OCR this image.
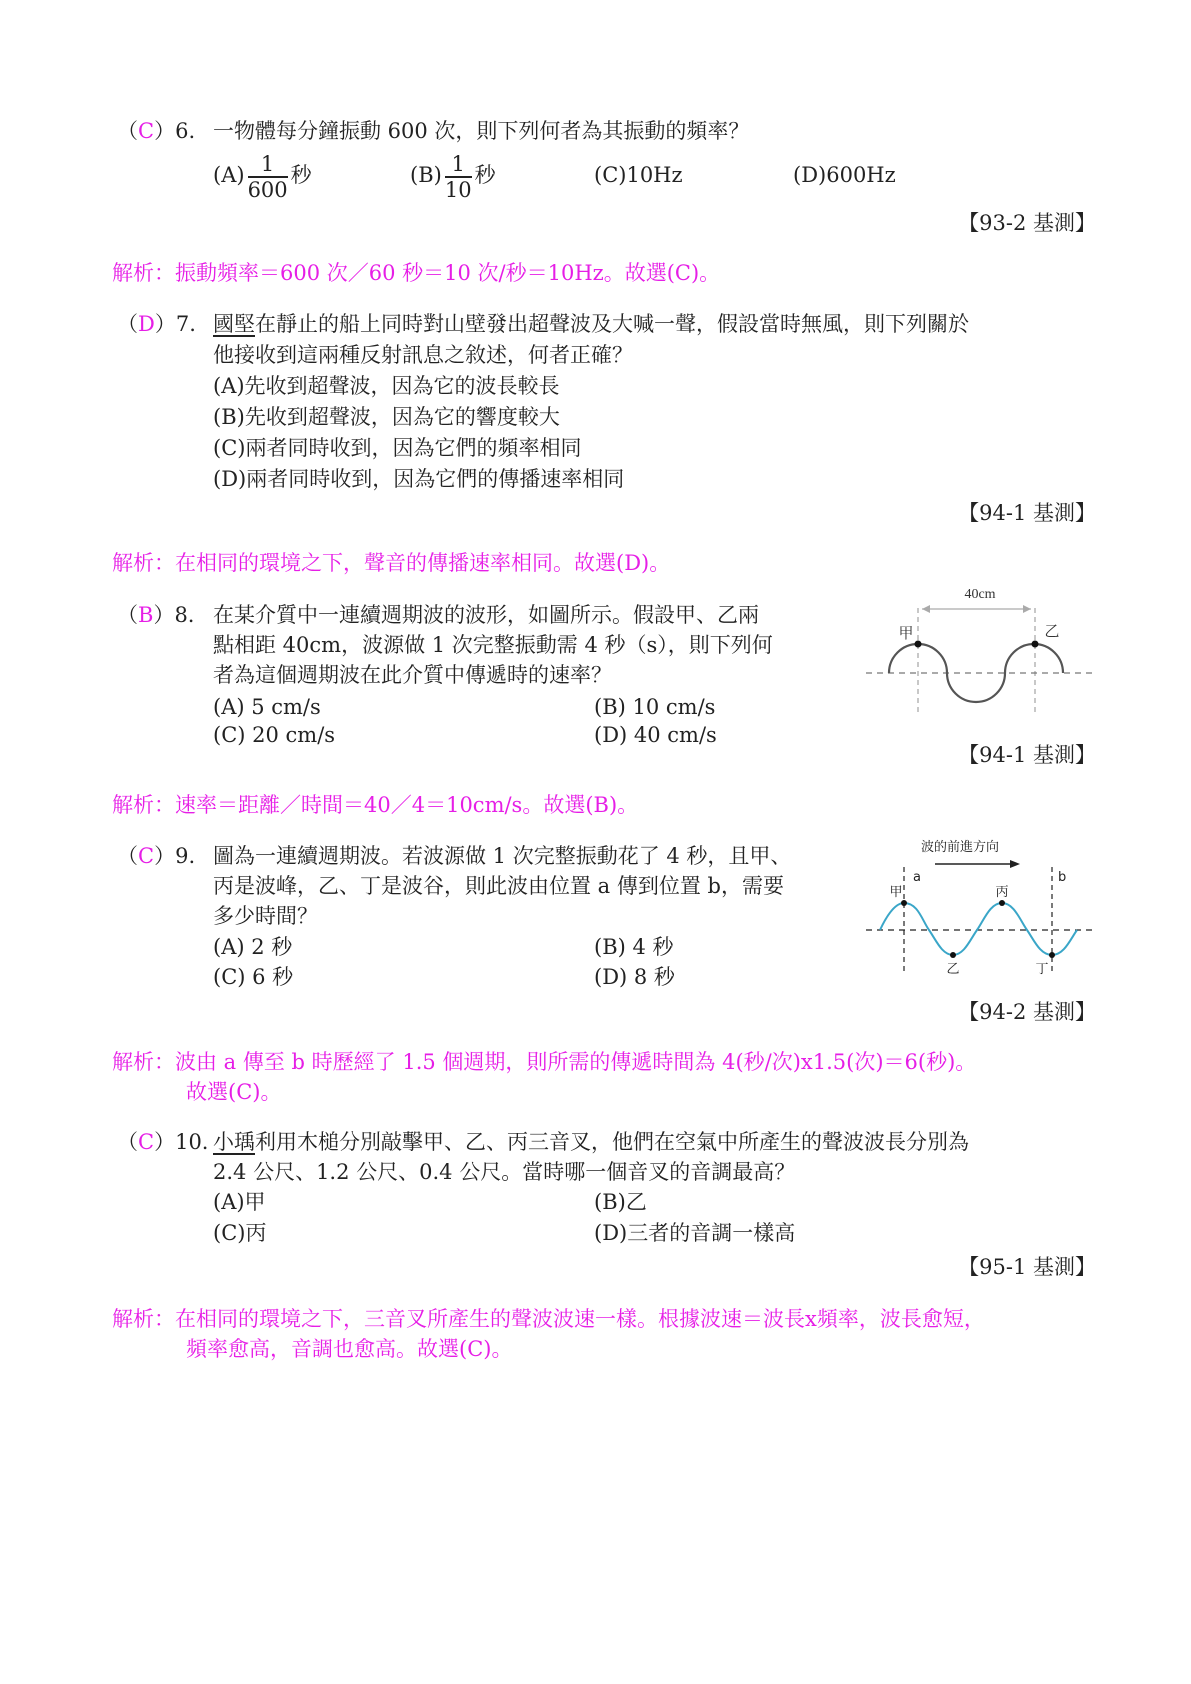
（C）6. 一物體每分鐘振動 600 次，則下列何者為其振動的頻率？
$(A) \frac{1}{600}$ 秒	$(B) \frac{1}{10}$ 秒	(C)10Hz	(D)600Hz
【93-2 基測】
解析：振動頻率＝600 次／60 秒＝10 次/秒＝10Hz。故選(C)。
（D）7. 國堅在靜止的船上同時對山壁發出超聲波及大喊一聲，假設當時無風，則下列關於
他接收到這兩種反射訊息之敘述，何者正確？
(A)先收到超聲波，因為它的波長較長
(B)先收到超聲波，因為它的響度較大
(C)兩者同時收到，因為它們的頻率相同
(D)兩者同時收到，因為它們的傳播速率相同
【94-1 基測】
解析：在相同的環境之下，聲音的傳播速率相同。故選(D)。
（B）8. 在某介質中一連續週期波的波形，如圖所示。假設甲、乙兩
點相距 40cm，波源做 1 次完整振動需 4 秒（s），則下列何
者為這個週期波在此介質中傳遞時的速率？
(A) 5 cm/s	(B) 10 cm/s
(C) 20 cm/s	(D) 40 cm/s
40cm
甲	乙
【94-1 基測】
解析：速率＝距離／時間＝40／4＝10cm/s。故選(B)。
（C）9. 圖為一連續週期波。若波源做 1 次完整振動花了 4 秒，且甲、
丙是波峰，乙、丁是波谷，則此波由位置 a 傳到位置 b，需要
多少時間？
(A) 2 秒	(B) 4 秒
(C) 6 秒	(D) 8 秒
波的前進方向
a	b
甲
乙
丙
丁
【94-2 基測】
解析：波由 a 傳至 b 時歷經了 1.5 個週期，則所需的傳遞時間為 4(秒/次)x1.5(次)＝6(秒)。
故選(C)。
（C）10. 小瑀利用木槌分別敲擊甲、乙、丙三音叉，他們在空氣中所產生的聲波波長分別為
2.4 公尺、1.2 公尺、0.4 公尺。當時哪一個音叉的音調最高？
(A)甲	(B)乙
(C)丙	(D)三者的音調一樣高
【95-1 基測】
解析：在相同的環境之下，三音叉所產生的聲波波速一樣。根據波速＝波長x頻率，波長愈短，
頻率愈高，音調也愈高。故選(C)。
